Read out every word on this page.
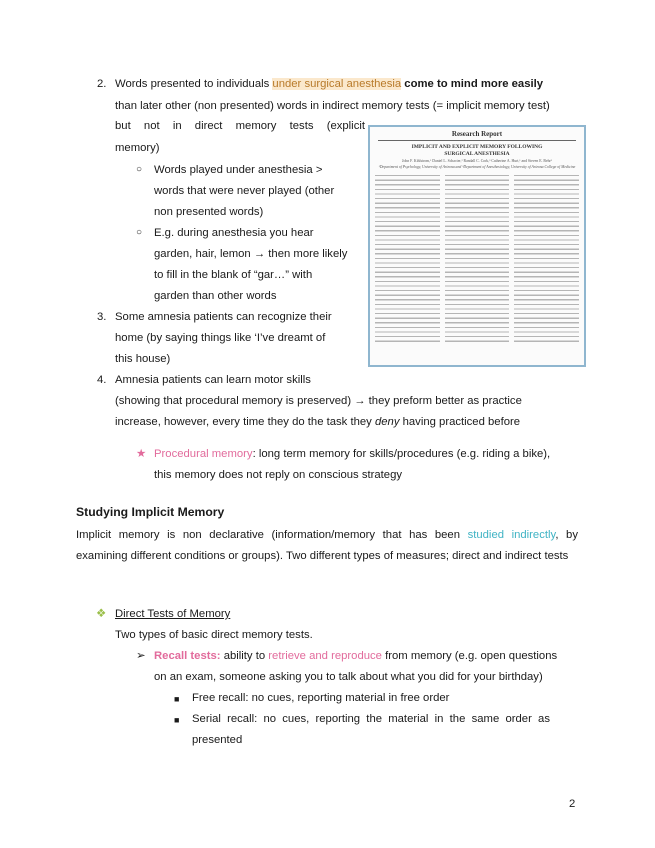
2. Words presented to individuals under surgical anesthesia come to mind more easily
than later other (non presented) words in indirect memory tests (= implicit memory test)
but not in direct memory tests (explicit
memory)
○ Words played under anesthesia >
words that were never played (other
non presented words)
○ E.g. during anesthesia you hear
garden, hair, lemon → then more likely
to fill in the blank of “gar…” with
garden than other words
3. Some amnesia patients can recognize their
home (by saying things like ‘I’ve dreamt of
this house)
4. Amnesia patients can learn motor skills
(showing that procedural memory is preserved) → they preform better as practice
increase, however, every time they do the task they deny having practiced before
★ Procedural memory: long term memory for skills/procedures (e.g. riding a bike),
this memory does not reply on conscious strategy
Research Report
IMPLICIT AND EXPLICIT MEMORY FOLLOWING
SURGICAL ANESTHESIA
John F. Kihlstrom,¹ Daniel L. Schacter,² Randall C. Cork,³ Catherine A. Hurt,¹ and Steven E. Behr³
¹Department of Psychology, University of Arizona and ³Department of Anesthesiology, University of Arizona College of Medicine
Studying Implicit Memory
Implicit memory is non declarative (information/memory that has been studied indirectly, by examining different conditions or groups). Two different types of measures; direct and indirect tests
❖ Direct Tests of Memory
Two types of basic direct memory tests.
➢ Recall tests: ability to retrieve and reproduce from memory (e.g. open questions
on an exam, someone asking you to talk about what you did for your birthday)
■ Free recall: no cues, reporting material in free order
■ Serial recall: no cues, reporting the material in the same order as
presented
2
